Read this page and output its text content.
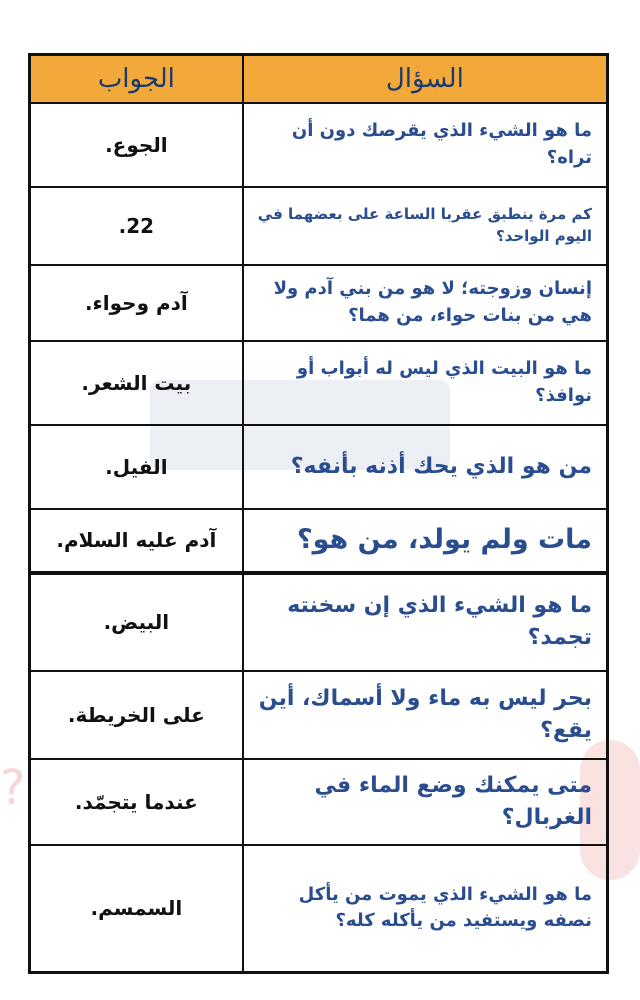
?
السؤال	الجواب
ما هو الشيء الذي يقرصك دون أن تراه؟	الجوع.
كم مرة ينطبق عقربا الساعة على بعضهما في اليوم الواحد؟	22.
إنسان وزوجته؛ لا هو من بني آدم ولا هي من بنات حواء، من هما؟	آدم وحواء.
ما هو البيت الذي ليس له أبواب أو نوافذ؟	بيت الشعر.
من هو الذي يحك أذنه بأنفه؟	الفيل.
مات ولم يولد، من هو؟	آدم عليه السلام.
ما هو الشيء الذي إن سخنته تجمد؟	البيض.
بحر ليس به ماء ولا أسماك، أين يقع؟	على الخريطة.
متى يمكنك وضع الماء في الغربال؟	عندما يتجمّد.
ما هو الشيء الذي يموت من يأكل نصفه ويستفيد من يأكله كله؟	السمسم.
